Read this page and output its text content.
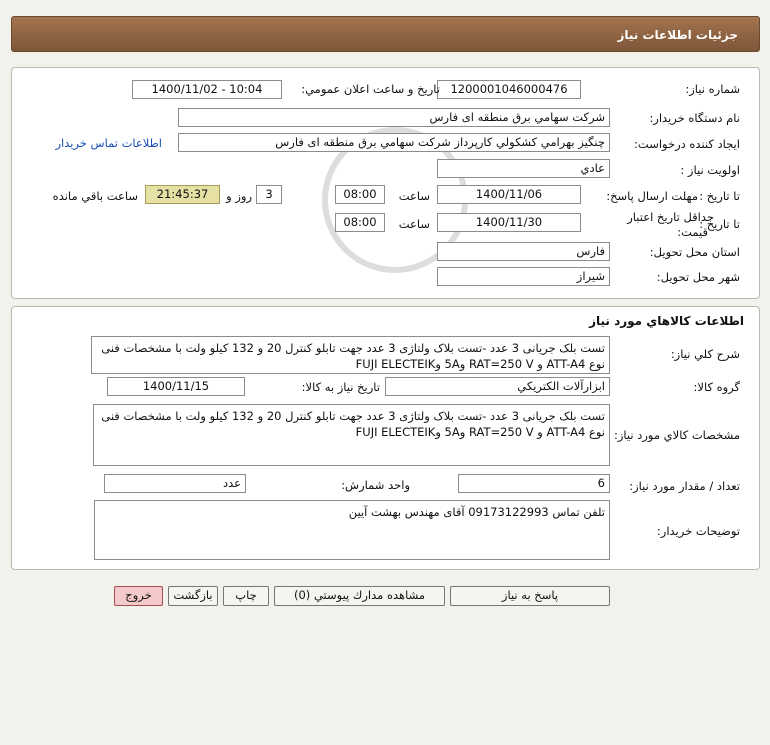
جزئيات اطلاعات نياز
شماره نياز:
1200001046000476
تاريخ و ساعت اعلان عمومي:
1400/11/02 - 10:04
نام دستگاه خريدار:
شركت سهامي برق منطقه اى فارس
ايجاد كننده درخواست:
چنگيز بهرامي كشكولي كارپرداز شركت سهامي برق منطقه اى فارس
اطلاعات تماس خريدار
اولويت نياز :
عادي
مهلت ارسال پاسخ: تا تاريخ :
1400/11/06
ساعت
08:00
3
روز و
21:45:37
ساعت باقي مانده
حداقل تاريخ اعتبار
قيمت:
تا تاريخ :
1400/11/30
ساعت
08:00
استان محل تحويل:
فارس
شهر محل تحويل:
شيراز
اطلاعات كالاهاي مورد نياز
شرح كلي نياز:
تست بلک جریانی 3 عدد -تست بلاک ولتاژی 3 عدد جهت تابلو کنترل 20 و 132 کیلو ولت با مشخصات فنی نوع ATT-A4 و RAT=250 V و5A وFUJI ELECTEIK
گروه كالا:
ابزارآلات الكتريكي
تاريخ نياز به كالا:
1400/11/15
مشخصات كالاي مورد نياز:
تست بلک جریانی 3 عدد -تست بلاک ولتاژی 3 عدد جهت تابلو کنترل 20 و 132 کیلو ولت با مشخصات فنی نوع ATT-A4 و RAT=250 V و5A وFUJI ELECTEIK
تعداد / مقدار مورد نياز:
6
واحد شمارش:
عدد
توضيحات خريدار:
تلفن تماس 09173122993 آقای مهندس بهشت آیین
پاسخ به نياز
مشاهده مدارك پيوستي (0)
چاپ
بازگشت
خروج
